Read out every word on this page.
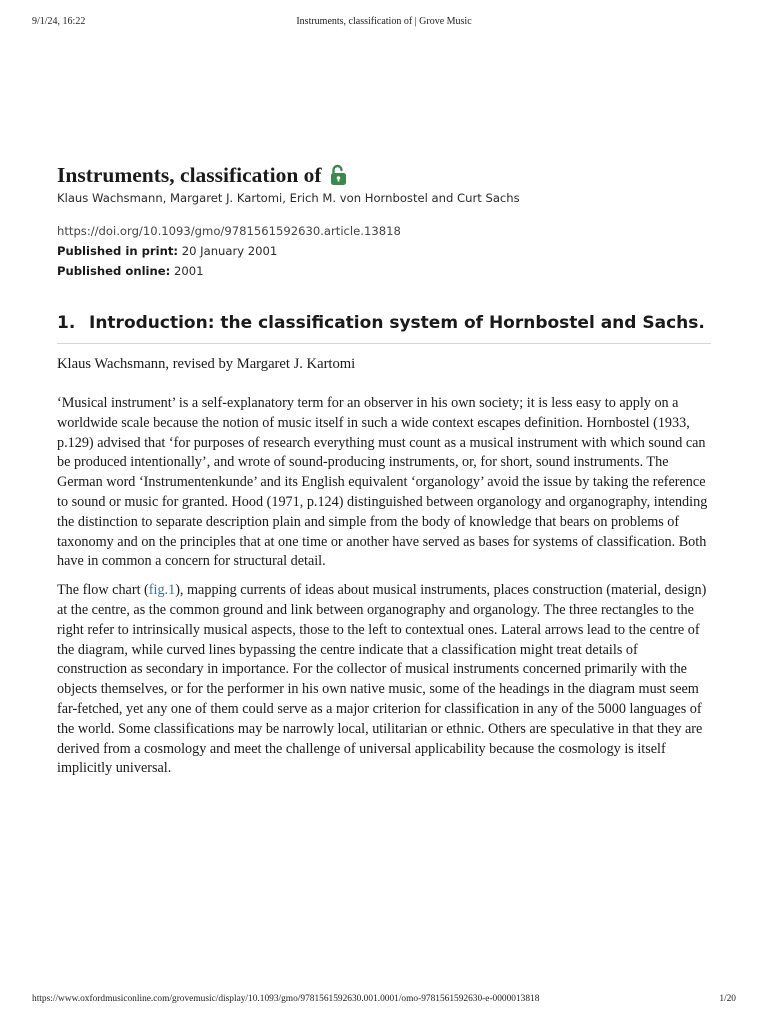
9/1/24, 16:22	Instruments, classification of | Grove Music
Instruments, classification of
Klaus Wachsmann, Margaret J. Kartomi, Erich M. von Hornbostel and Curt Sachs
https://doi.org/10.1093/gmo/9781561592630.article.13818
Published in print: 20 January 2001
Published online: 2001
1. Introduction: the classification system of Hornbostel and Sachs.
Klaus Wachsmann, revised by Margaret J. Kartomi

‘Musical instrument’ is a self-explanatory term for an observer in his own society; it is less easy to apply on a worldwide scale because the notion of music itself in such a wide context escapes definition. Hornbostel (1933, p.129) advised that ‘for purposes of research everything must count as a musical instrument with which sound can be produced intentionally’, and wrote of sound-producing instruments, or, for short, sound instruments. The German word ‘Instrumentenkunde’ and its English equivalent ‘organology’ avoid the issue by taking the reference to sound or music for granted. Hood (1971, p.124) distinguished between organology and organography, intending the distinction to separate description plain and simple from the body of knowledge that bears on problems of taxonomy and on the principles that at one time or another have served as bases for systems of classification. Both have in common a concern for structural detail.

The flow chart (fig.1), mapping currents of ideas about musical instruments, places construction (material, design) at the centre, as the common ground and link between organography and organology. The three rectangles to the right refer to intrinsically musical aspects, those to the left to contextual ones. Lateral arrows lead to the centre of the diagram, while curved lines bypassing the centre indicate that a classification might treat details of construction as secondary in importance. For the collector of musical instruments concerned primarily with the objects themselves, or for the performer in his own native music, some of the headings in the diagram must seem far-fetched, yet any one of them could serve as a major criterion for classification in any of the 5000 languages of the world. Some classifications may be narrowly local, utilitarian or ethnic. Others are speculative in that they are derived from a cosmology and meet the challenge of universal applicability because the cosmology is itself implicitly universal.

https://www.oxfordmusiconline.com/grovemusic/display/10.1093/gmo/9781561592630.001.0001/omo-9781561592630-e-0000013818	1/20
